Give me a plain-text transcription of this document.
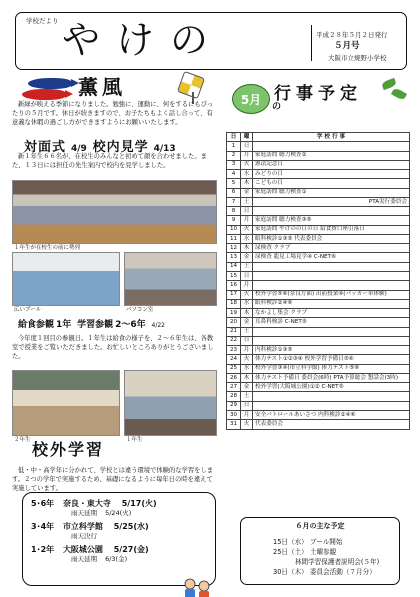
学校だより やけの	平成２８年５月２日発行
５月号
大阪市立焼野小学校
薫風
新緑が映える季節になりました。勉強に、運動に、何をするにもぴったりの５月です。休日が続きますので、お子たちもよく話し合って、有意義な休暇の過ごし方ができますようにお願いいたします。
対面式 4/9 校内見学 4/13
新１年生６６名が、在校生のみんなと初めて顔を合わせました。また、１３日には担任の先生案内で校内を見学しました。
１年生が在校生の前に勢列
広いプール	パソコン室
給食参観 1年 学習参観 2～6年 4/22
今年度１回目の参観日。１年生は給食の様子を、２～６年生は、各教室で授業をご覧いただきました。お忙しいところありがとうございました。
２年生	１年生
校外学習
低・中・高学年に分かれて、学校とは違う環境で体験的な学習をします。２つの学年で実施するため、基礎になるように毎年日の時を違えて実施しています。
5･6年 奈良・東大寺 5/17(火)
雨天延期 5/24(火)
3･4年 市立科学館 5/25(水)
雨天決行
1･2年 大阪城公園 5/27(金)
雨天延期 6/3(金)
5月	の
行事予定
日	曜	学 校 行 事
1	日	

2	月	家庭訪問 聴力検査②

3	火	憲法記念日

4	水	みどりの日

5	木	こどもの日

6	金	家庭訪問 聴力検査①

7	土	PTA実行委員会

8	日	

9	月	家庭訪問 聴力検査③⑤

10	火	家庭訪問 やけのの日の日 給食費口座引落日

11	水	眼科検診①③⑤ 代表委員会

12	木	尿検査 クラブ

13	金	尿検査 龍見工場見学④ C-NET⑥

14	土	

15	日	

16	月	

17	火	校外学習⑤⑥(奈良方面) 出前授業④(バッカー車体験)

18	水	眼科検診②④⑥

19	木	なかよし集会 クラブ

20	金	耳鼻科検診 C-NET⑤

21	土	

22	日	

23	月	内科検診①③⑤

24	火	体力テスト①②③④ 校外学習予備日⑤⑥

25	水	校外学習③④(市立科学館) 体力テスト⑤⑥

26	木	体力テスト予備日 委員会(6時) PTA予算総会 懇話会(3時)

27	金	校外学習(大阪城公園)①② C-NET⑤

28	土	

29	日	

30	月	安全パトロールあいさつ 内科検診②④⑥

31	火	代表委員会
６月の主な予定
15日（水） プール開始
25日（土） 土曜参観
　　　 林間学習保護者説明会(５年)
30日（木） 委員会活動（７月分）
